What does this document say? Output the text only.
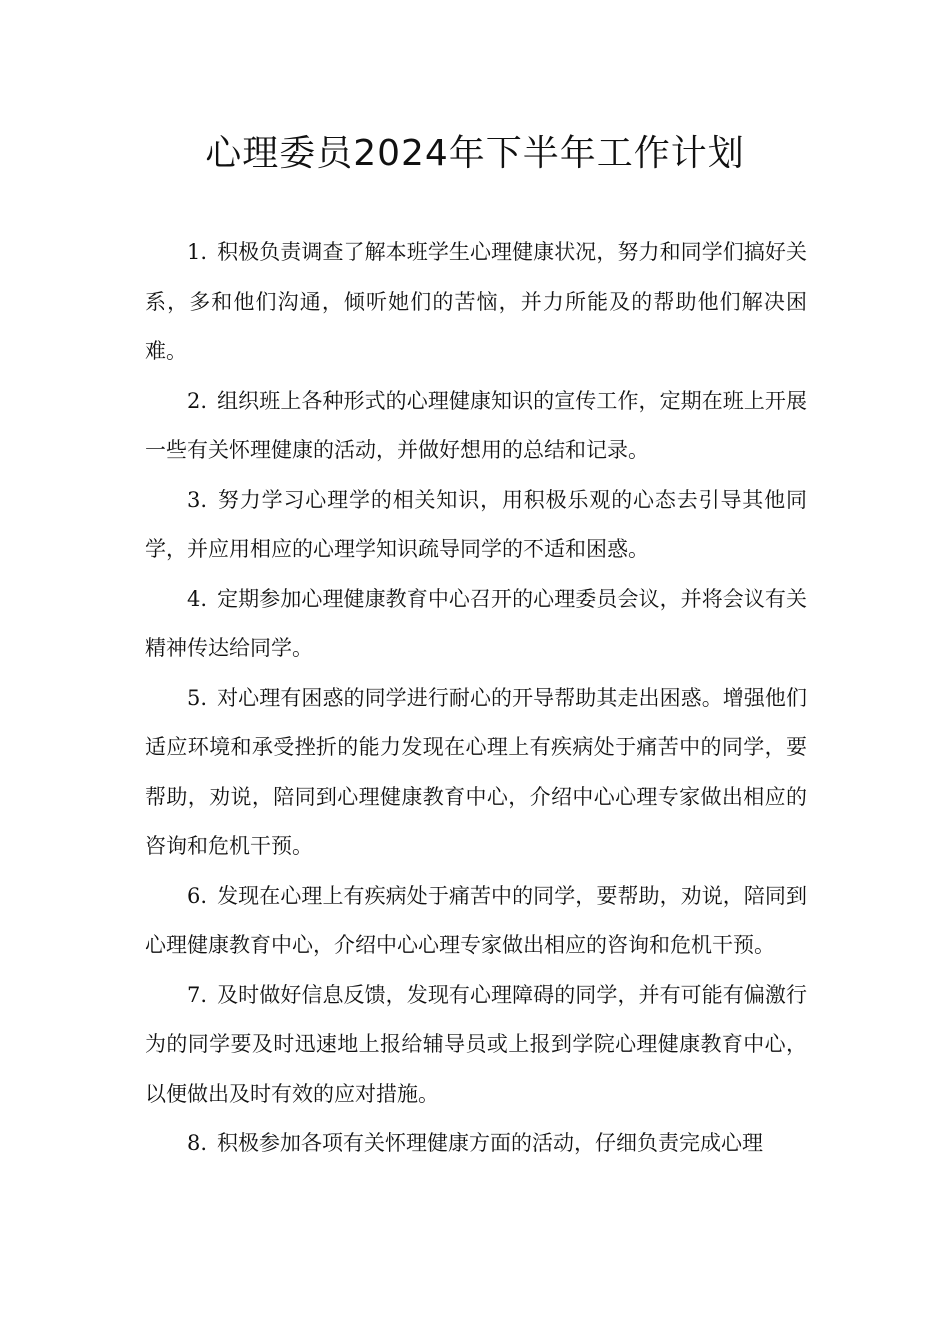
心理委员2024年下半年工作计划

1. 积极负责调查了解本班学生心理健康状况，努力和同学们搞好关系，多和他们沟通，倾听她们的苦恼，并力所能及的帮助他们解决困难。

2. 组织班上各种形式的心理健康知识的宣传工作，定期在班上开展一些有关怀理健康的活动，并做好想用的总结和记录。

3. 努力学习心理学的相关知识，用积极乐观的心态去引导其他同学，并应用相应的心理学知识疏导同学的不适和困惑。

4. 定期参加心理健康教育中心召开的心理委员会议，并将会议有关精神传达给同学。

5. 对心理有困惑的同学进行耐心的开导帮助其走出困惑。增强他们适应环境和承受挫折的能力发现在心理上有疾病处于痛苦中的同学，要帮助，劝说，陪同到心理健康教育中心，介绍中心心理专家做出相应的咨询和危机干预。

6. 发现在心理上有疾病处于痛苦中的同学，要帮助，劝说，陪同到心理健康教育中心，介绍中心心理专家做出相应的咨询和危机干预。

7. 及时做好信息反馈，发现有心理障碍的同学，并有可能有偏激行为的同学要及时迅速地上报给辅导员或上报到学院心理健康教育中心，以便做出及时有效的应对措施。

8. 积极参加各项有关怀理健康方面的活动，仔细负责完成心理
